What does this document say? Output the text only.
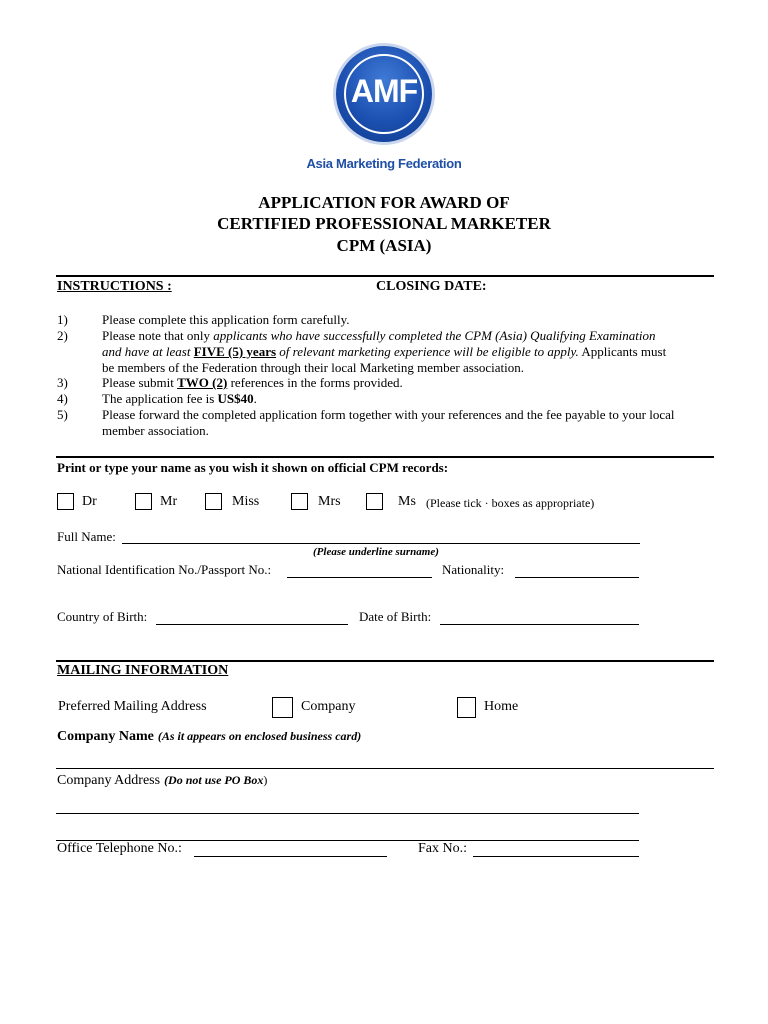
AMF
Asia Marketing Federation
APPLICATION FOR AWARD OF
CERTIFIED PROFESSIONAL MARKETER
CPM (ASIA)
INSTRUCTIONS :	CLOSING DATE:
1)	Please complete this application form carefully.
2)	Please note that only applicants who have successfully completed the CPM (Asia) Qualifying Examination
and have at least FIVE (5) years of relevant marketing experience will be eligible to apply. Applicants must
be members of the Federation through their local Marketing member association.
3)	Please submit TWO (2) references in the forms provided.
4)	The application fee is US$40.
5)	Please forward the completed application form together with your references and the fee payable to your local
member association.
Print or type your name as you wish it shown on official CPM records:
Dr	Mr	Miss	Mrs	Ms (Please tick · boxes as appropriate)
Full Name:
(Please underline surname)
National Identification No./Passport No.:	Nationality:
Country of Birth:	Date of Birth:
MAILING INFORMATION
Preferred Mailing Address	Company	Home
Company Name (As it appears on enclosed business card)
Company Address (Do not use PO Box)
Office Telephone No.:	Fax No.:
